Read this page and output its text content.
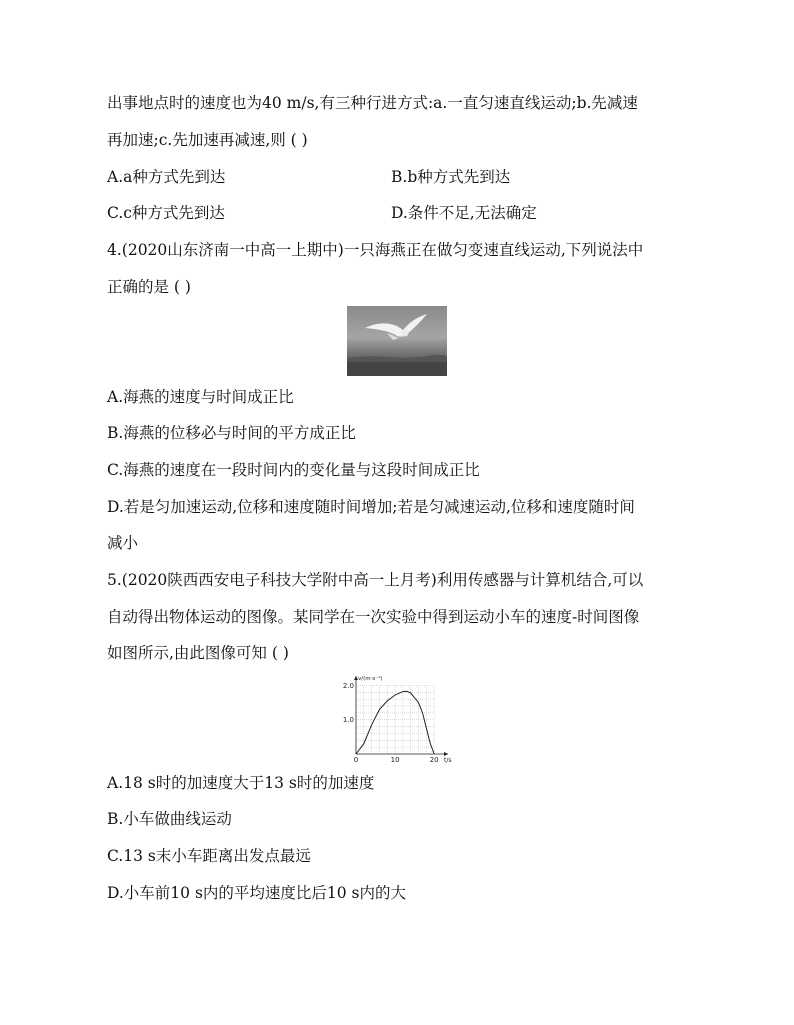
出事地点时的速度也为40 m/s,有三种行进方式:a.一直匀速直线运动;b.先减速
再加速;c.先加速再减速,则 ( )
A.a种方式先到达	B.b种方式先到达
C.c种方式先到达	D.条件不足,无法确定
4.(2020山东济南一中高一上期中)一只海燕正在做匀变速直线运动,下列说法中
正确的是 ( )
A.海燕的速度与时间成正比
B.海燕的位移必与时间的平方成正比
C.海燕的速度在一段时间内的变化量与这段时间成正比
D.若是匀加速运动,位移和速度随时间增加;若是匀减速运动,位移和速度随时间
减小
5.(2020陕西西安电子科技大学附中高一上月考)利用传感器与计算机结合,可以
自动得出物体运动的图像。某同学在一次实验中得到运动小车的速度-时间图像
如图所示,由此图像可知 ( )
0	10	20
1.0
2.0
v/(m·s⁻¹)
t/s
A.18 s时的加速度大于13 s时的加速度
B.小车做曲线运动
C.13 s末小车距离出发点最远
D.小车前10 s内的平均速度比后10 s内的大
